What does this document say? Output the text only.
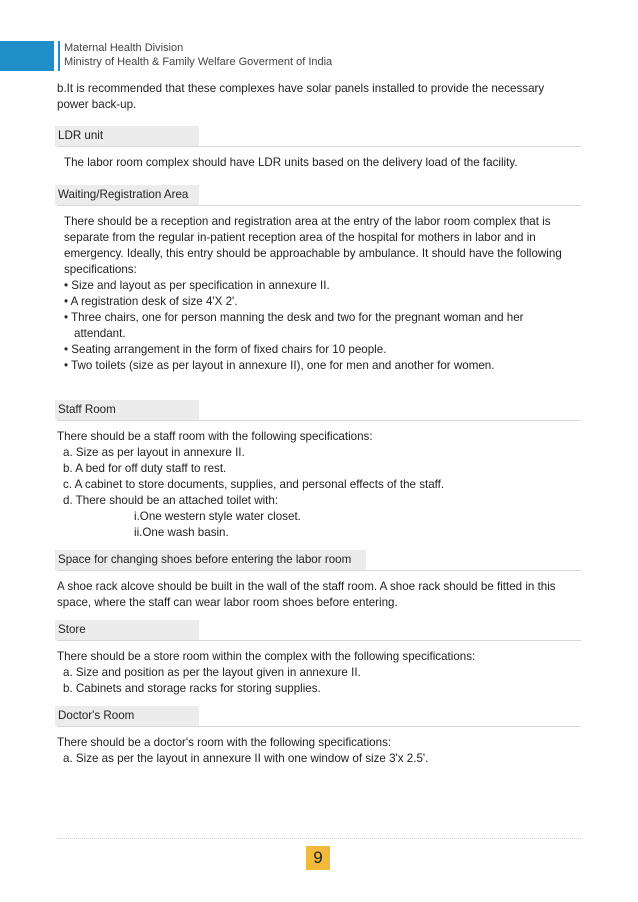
Maternal Health Division
Ministry of Health & Family Welfare Goverment of India

b.It is recommended that these complexes have solar panels installed to provide the necessary

power back-up.

LDR unit

The labor room complex should have LDR units based on the delivery load of the facility.

Waiting/Registration Area

There should be a reception and registration area at the entry of the labor room complex that is

separate from the regular in-patient reception area of the hospital for mothers in labor and in

emergency. Ideally, this entry should be approachable by ambulance. It should have the following

specifications:

• Size and layout as per specification in annexure II.

• A registration desk of size 4'X 2'.

• Three chairs, one for person manning the desk and two for the pregnant woman and her

attendant.

• Seating arrangement in the form of fixed chairs for 10 people.

• Two toilets (size as per layout in annexure II), one for men and another for women.

Staff Room

There should be a staff room with the following specifications:

a. Size as per layout in annexure II.

b. A bed for off duty staff to rest.

c. A cabinet to store documents, supplies, and personal effects of the staff.

d. There should be an attached toilet with:

i.One western style water closet.

ii.One wash basin.

Space for changing shoes before entering the labor room

A shoe rack alcove should be built in the wall of the staff room. A shoe rack should be fitted in this

space, where the staff can wear labor room shoes before entering.

Store

There should be a store room within the complex with the following specifications:

a. Size and position as per the layout given in annexure II.

b. Cabinets and storage racks for storing supplies.

Doctor's Room

There should be a doctor's room with the following specifications:

a. Size as per the layout in annexure II with one window of size 3'x 2.5'.

9
